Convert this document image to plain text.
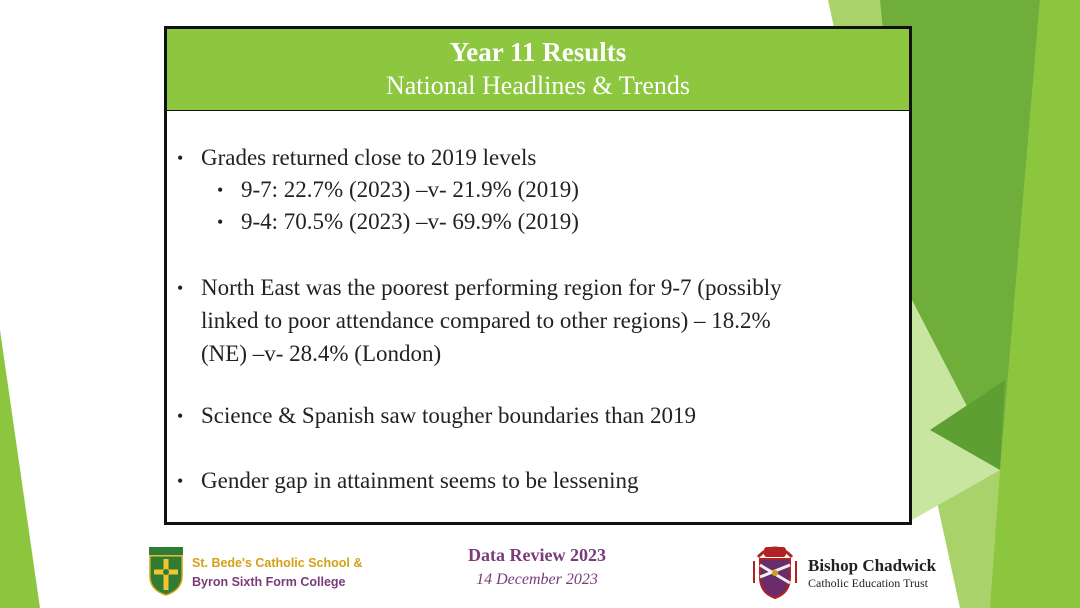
Year 11 Results
National Headlines & Trends
• Grades returned close to 2019 levels
• 9-7: 22.7% (2023) –v- 21.9% (2019)
• 9-4: 70.5% (2023) –v- 69.9% (2019)
• North East was the poorest performing region for 9-7 (possibly
linked to poor attendance compared to other regions) – 18.2%
(NE) –v- 28.4% (London)
• Science & Spanish saw tougher boundaries than 2019
• Gender gap in attainment seems to be lessening
St. Bede's Catholic School &
Byron Sixth Form College
Data Review 2023
14 December 2023
Bishop Chadwick
Catholic Education Trust
